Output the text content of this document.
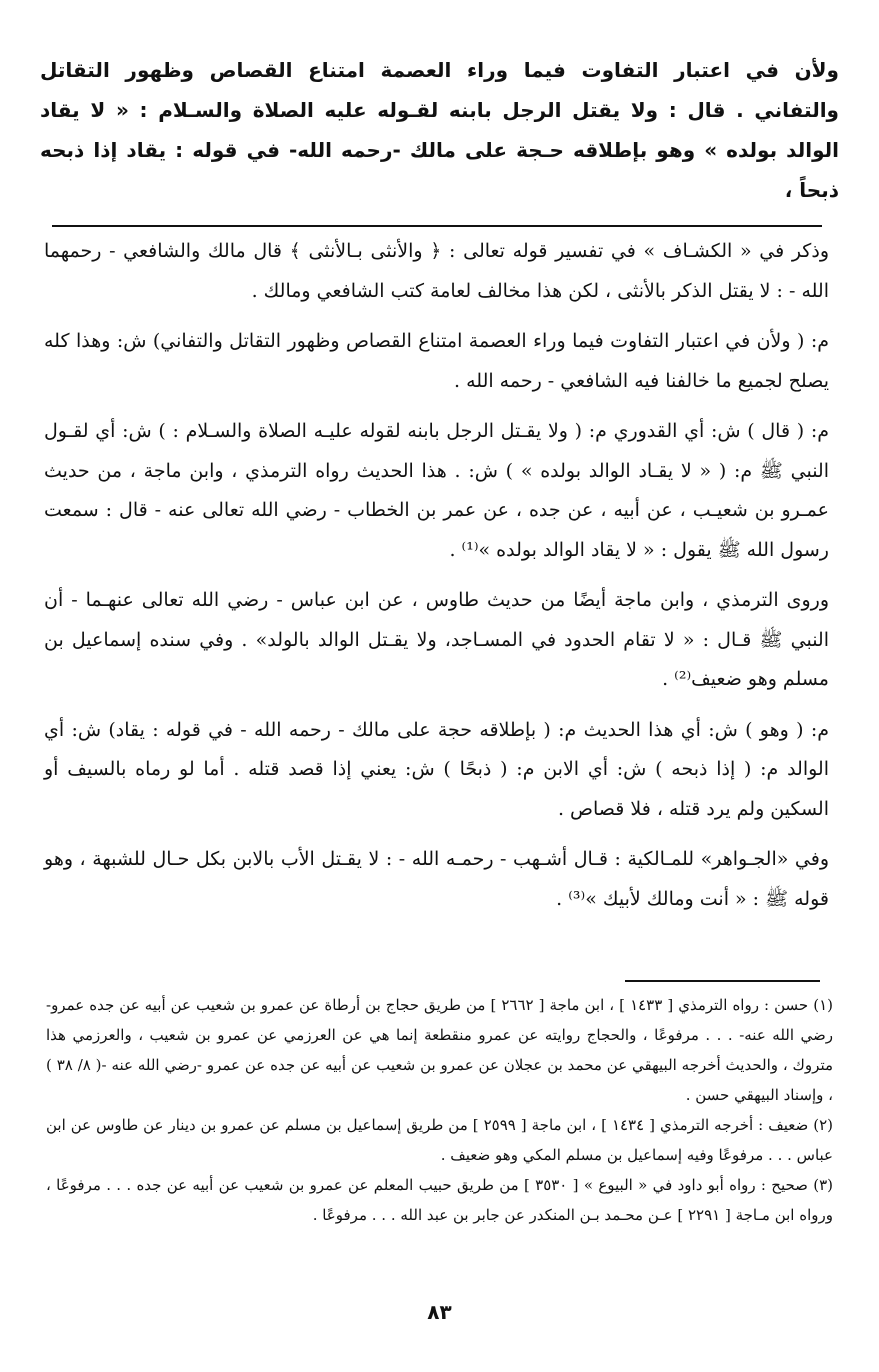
ولأن في اعتبار التفاوت فيما وراء العصمة امتناع القصاص وظهور التقاتل والتفاني . قال : ولا يقتل الرجل بابنه لقـوله عليه الصلاة والسـلام : « لا يقاد الوالد بولده » وهو بإطلاقه حـجة على مالك -رحمه الله- في قوله : يقاد إذا ذبحه ذبحاً ،

وذكر في « الكشـاف » في تفسير قوله تعالى : ﴿ والأنثى بـالأنثى ﴾ قال مالك والشافعي - رحمهما الله - : لا يقتل الذكر بالأنثى ، لكن هذا مخالف لعامة كتب الشافعي ومالك .

م: ( ولأن في اعتبار التفاوت فيما وراء العصمة امتناع القصاص وظهور التقاتل والتفاني) ش: وهذا كله يصلح لجميع ما خالفنا فيه الشافعي - رحمه الله .

م: ( قال ) ش: أي القدوري م: ( ولا يقـتل الرجل بابنه لقوله عليـه الصلاة والسـلام : ) ش: أي لقـول النبي ﷺ م: ( « لا يقـاد الوالد بولده » ) ش: . هذا الحديث رواه الترمذي ، وابن ماجة ، من حديث عمـرو بن شعيـب ، عن أبيه ، عن جده ، عن عمر بن الخطاب - رضي الله تعالى عنه - قال : سمعت رسول الله ﷺ يقول : « لا يقاد الوالد بولده »⁽¹⁾ .

وروى الترمذي ، وابن ماجة أيضًا من حديث طاوس ، عن ابن عباس - رضي الله تعالى عنهـما - أن النبي ﷺ قـال : « لا تقام الحدود في المسـاجد، ولا يقـتل الوالد بالولد» . وفي سنده إسماعيل بن مسلم وهو ضعيف⁽²⁾ .

م: ( وهو ) ش: أي هذا الحديث م: ( بإطلاقه حجة على مالك - رحمه الله - في قوله : يقاد) ش: أي الوالد م: ( إذا ذبحه ) ش: أي الابن م: ( ذبحًا ) ش: يعني إذا قصد قتله . أما لو رماه بالسيف أو السكين ولم يرد قتله ، فلا قصاص .

وفي «الجـواهر» للمـالكية : قـال أشـهب - رحمـه الله - : لا يقـتل الأب بالابن بكل حـال للشبهة ، وهو قوله ﷺ : « أنت ومالك لأبيك »⁽³⁾ .

(١) حسن : رواه الترمذي [ ١٤٣٣ ] ، ابن ماجة [ ٢٦٦٢ ] من طريق حجاج بن أرطاة عن عمرو بن شعيب عن أبيه عن جده عمرو- رضي الله عنه- . . . مرفوعًا ، والحجاج روايته عن عمرو منقطعة إنما هي عن العرزمي عن عمرو بن شعيب ، والعرزمي هذا متروك ، والحديث أخرجه البيهقي عن محمد بن عجلان عن عمرو بن شعيب عن أبيه عن جده عن عمرو -رضي الله عنه -( ٨/ ٣٨ ) ، وإسناد البيهقي حسن .

(٢) ضعيف : أخرجه الترمذي [ ١٤٣٤ ] ، ابن ماجة [ ٢٥٩٩ ] من طريق إسماعيل بن مسلم عن عمرو بن دينار عن طاوس عن ابن عباس . . . مرفوعًا وفيه إسماعيل بن مسلم المكي وهو ضعيف .

(٣) صحيح : رواه أبو داود في « البيوع » [ ٣٥٣٠ ] من طريق حبيب المعلم عن عمرو بن شعيب عن أبيه عن جده . . . مرفوعًا ، ورواه ابن مـاجة [ ٢٢٩١ ] عـن محـمد بـن المنكدر عن جابر بن عبد الله . . . مرفوعًا .

٨٣
